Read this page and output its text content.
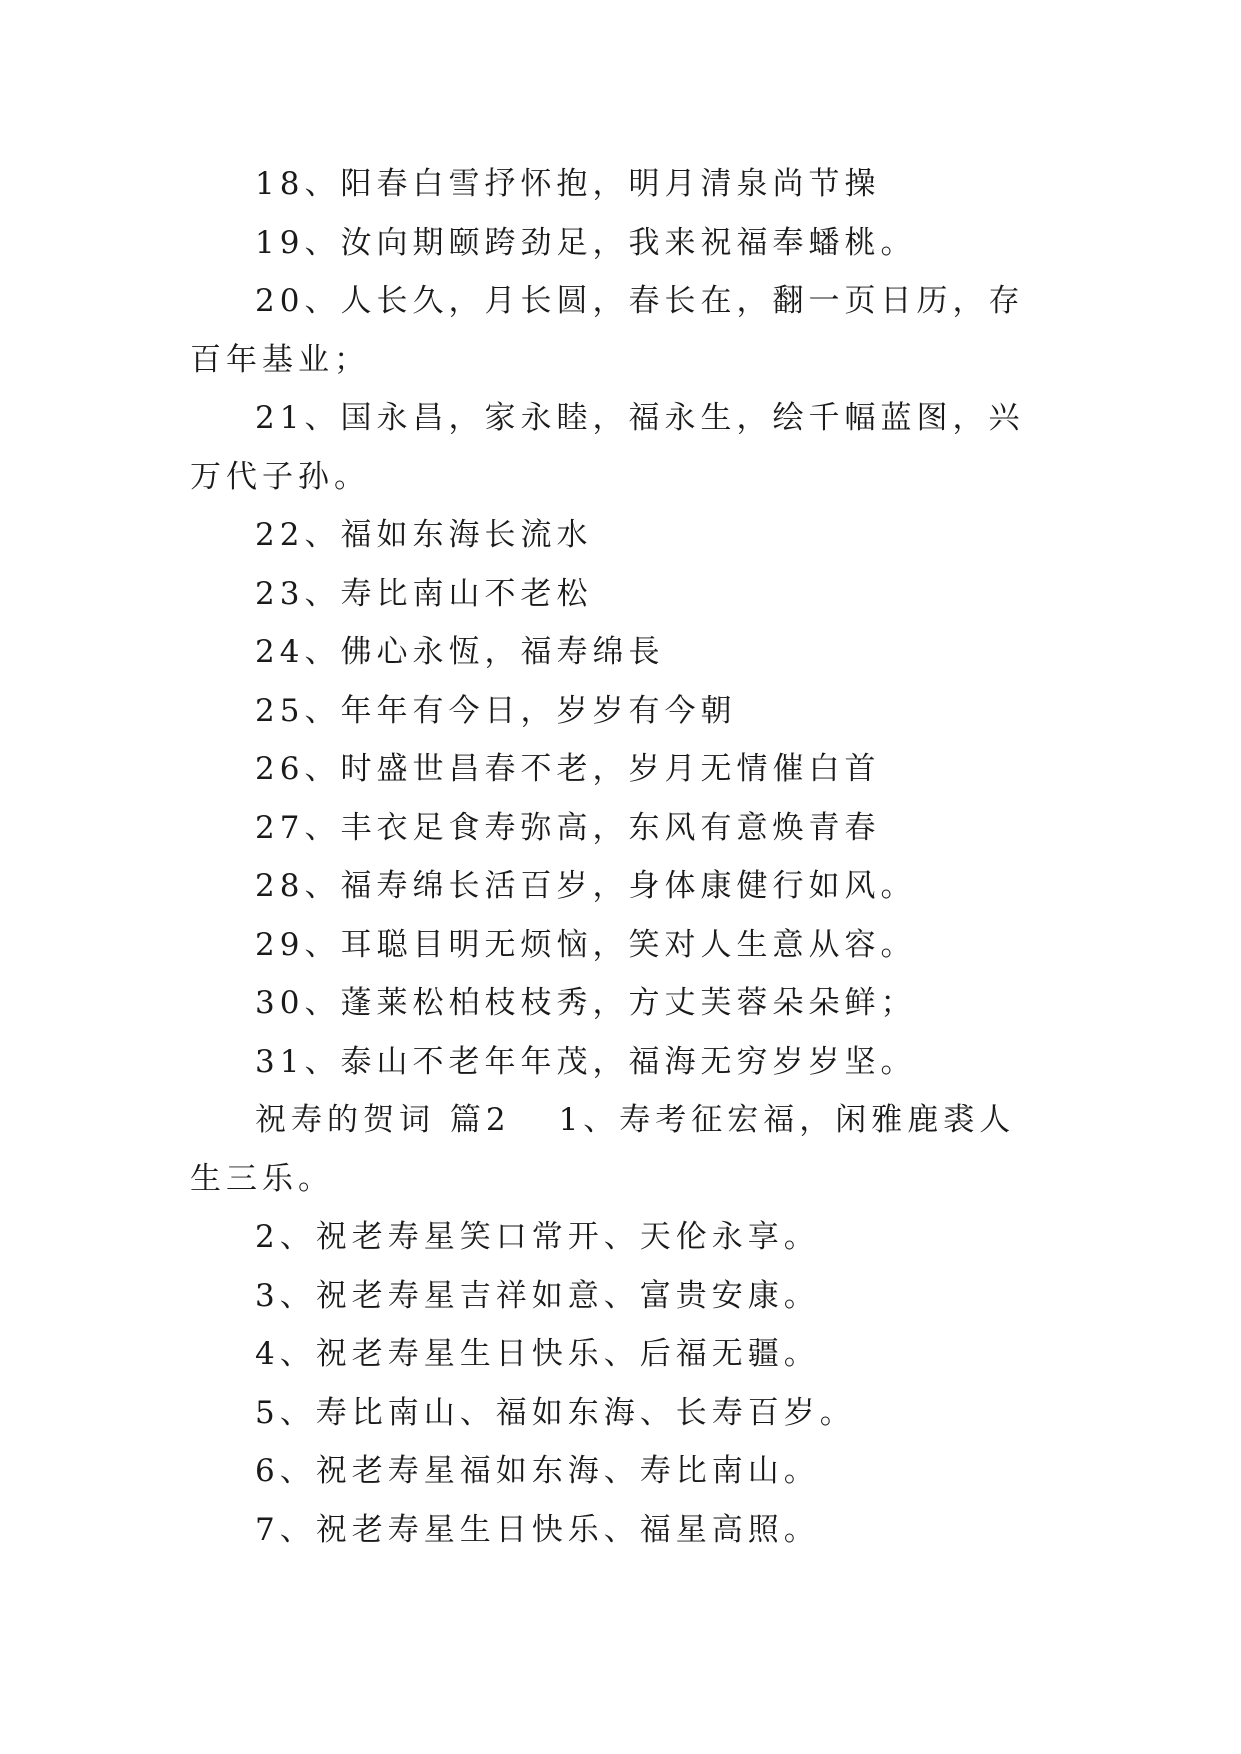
18、阳春白雪抒怀抱，明月清泉尚节操

19、汝向期颐跨劲足，我来祝福奉蟠桃。

20、人长久，月长圆，春长在，翻一页日历，存百年基业；

21、国永昌，家永睦，福永生，绘千幅蓝图，兴万代子孙。

22、福如东海长流水

23、寿比南山不老松

24、佛心永恆，福寿绵長

25、年年有今日，岁岁有今朝

26、时盛世昌春不老，岁月无情催白首

27、丰衣足食寿弥高，东风有意焕青春

28、福寿绵长活百岁，身体康健行如风。

29、耳聪目明无烦恼，笑对人生意从容。

30、蓬莱松柏枝枝秀，方丈芙蓉朵朵鲜；

31、泰山不老年年茂，福海无穷岁岁坚。

祝寿的贺词 篇2 1、寿考征宏福，闲雅鹿裘人生三乐。

2、祝老寿星笑口常开、天伦永享。

3、祝老寿星吉祥如意、富贵安康。

4、祝老寿星生日快乐、后福无疆。

5、寿比南山、福如东海、长寿百岁。

6、祝老寿星福如东海、寿比南山。

7、祝老寿星生日快乐、福星高照。
